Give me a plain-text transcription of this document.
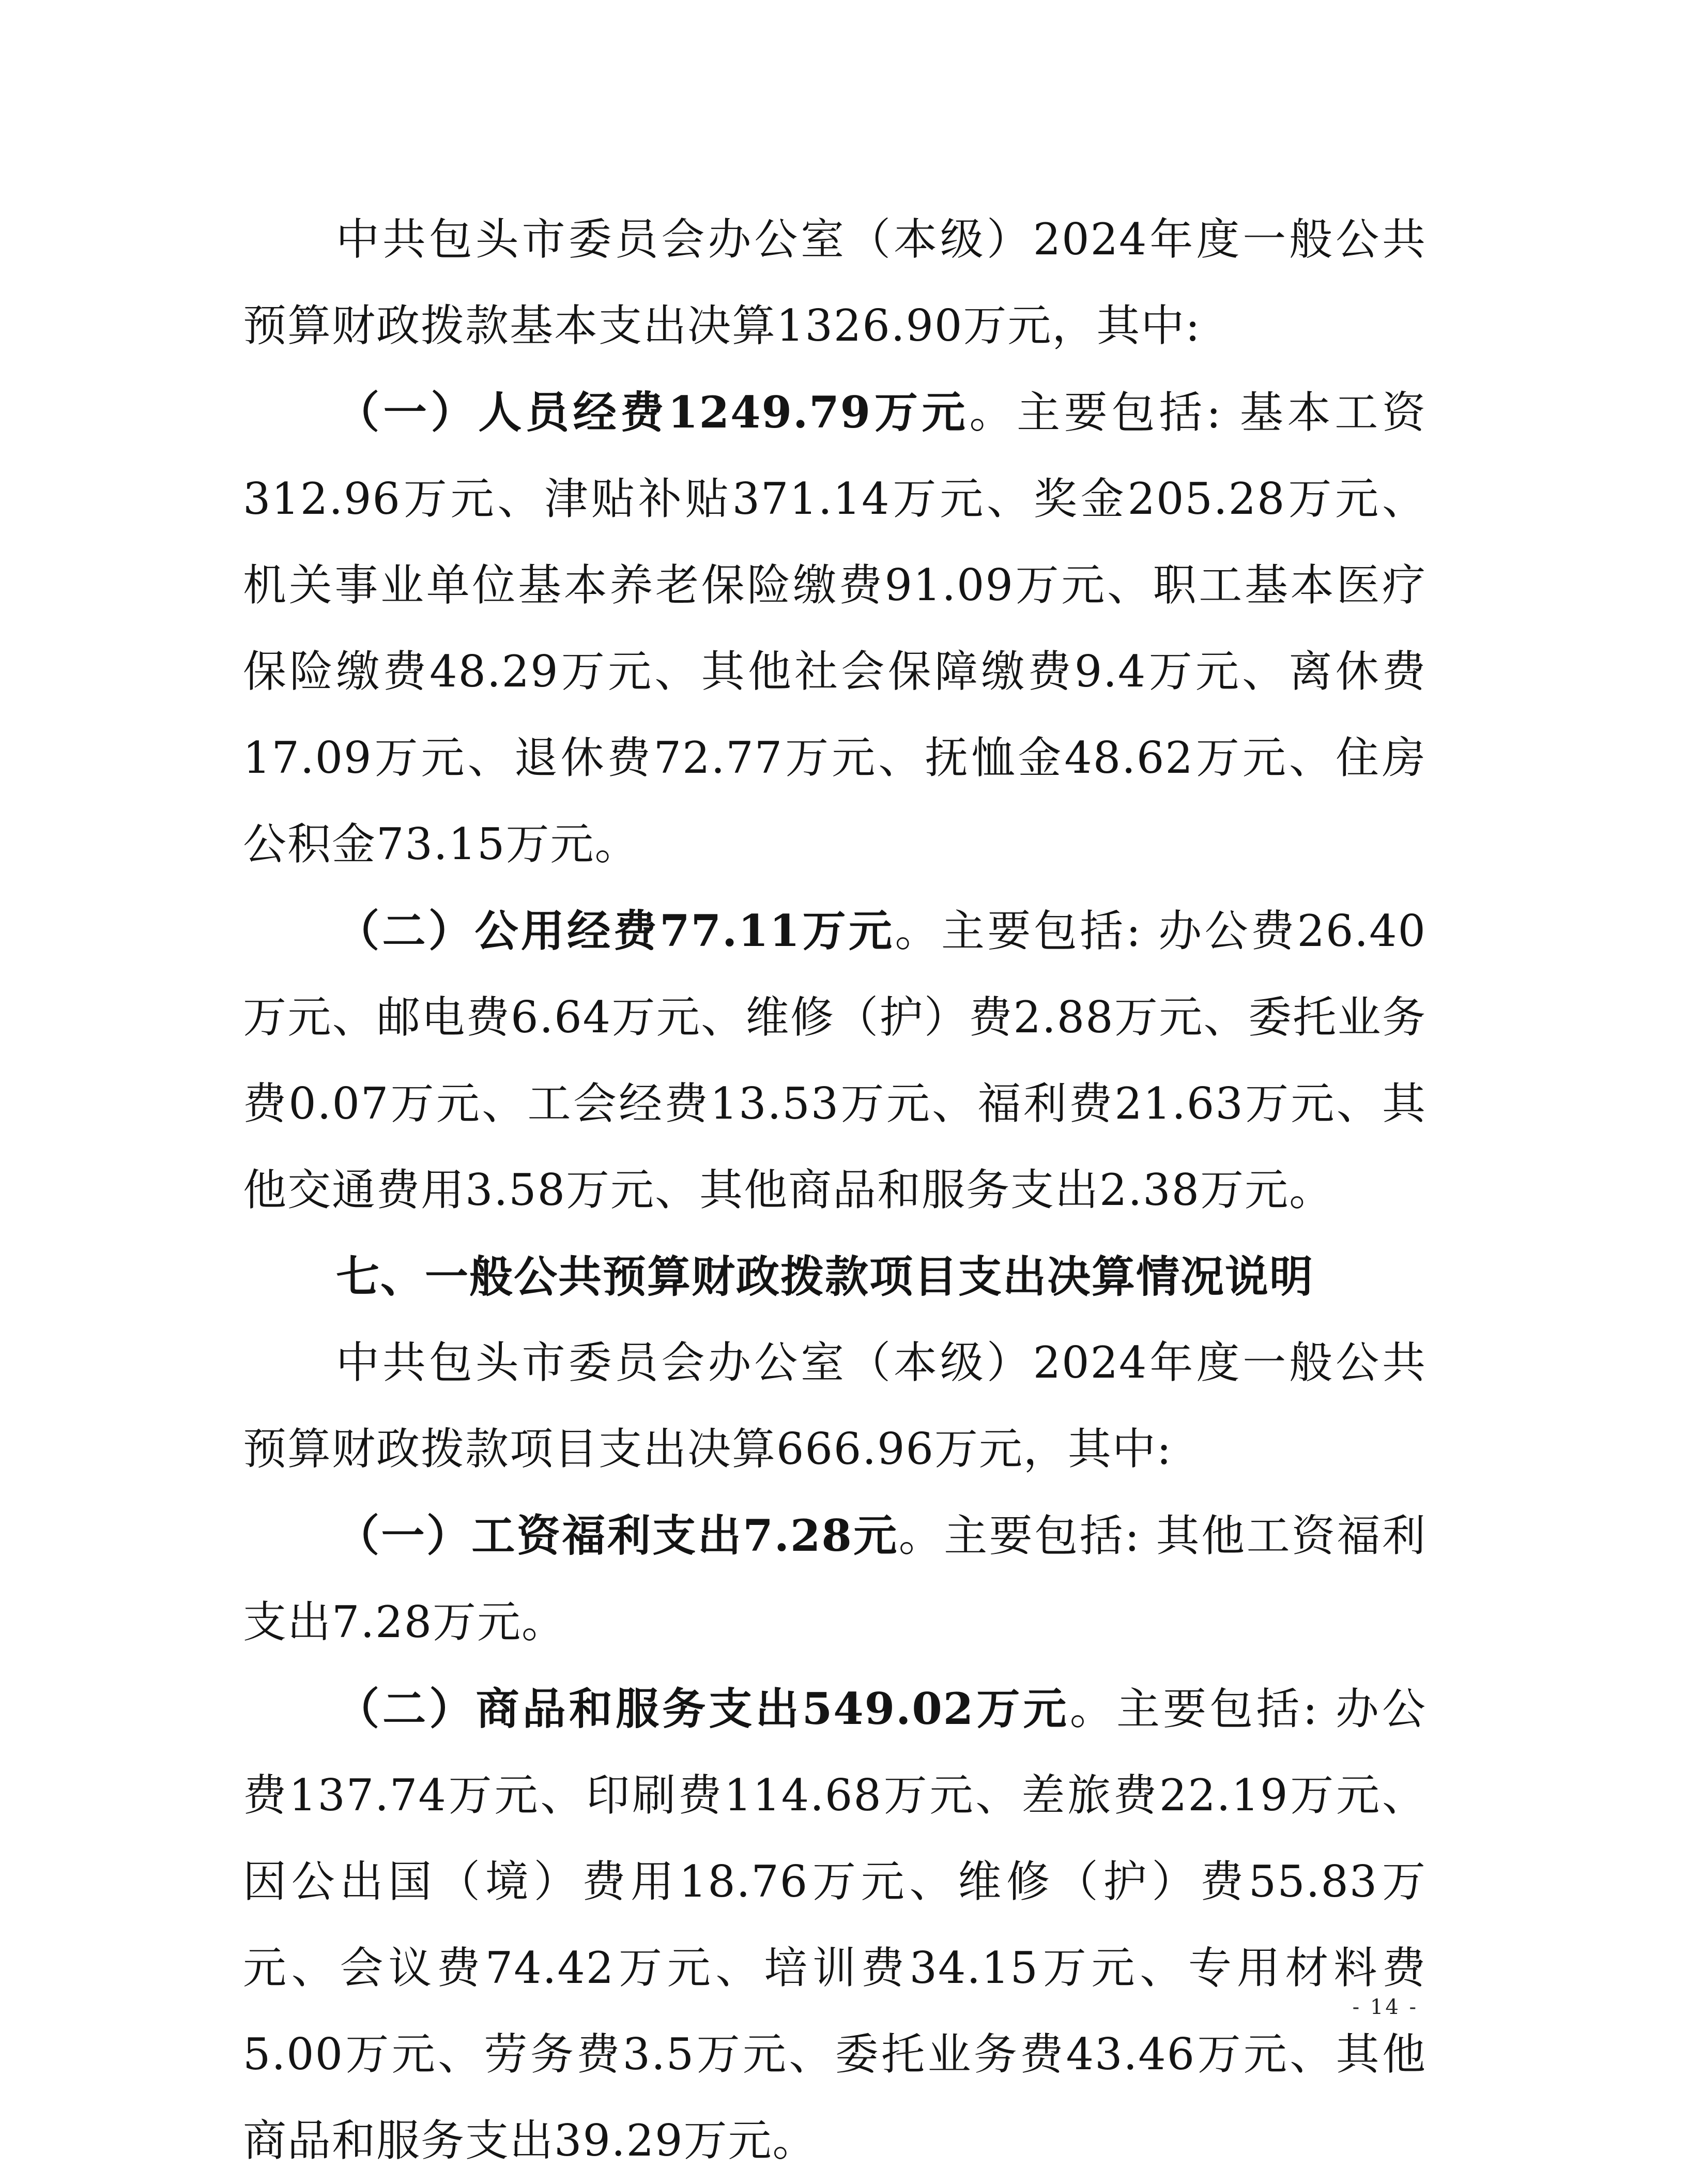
中共包头市委员会办公室（本级）2024年度一般公共预算财政拨款基本支出决算1326.90万元，其中:

（一）人员经费1249.79万元。主要包括: 基本工资312.96万元、津贴补贴371.14万元、奖金205.28万元、机关事业单位基本养老保险缴费91.09万元、职工基本医疗保险缴费48.29万元、其他社会保障缴费9.4万元、离休费17.09万元、退休费72.77万元、抚恤金48.62万元、住房公积金73.15万元。

（二）公用经费77.11万元。主要包括: 办公费26.40万元、邮电费6.64万元、维修（护）费2.88万元、委托业务费0.07万元、工会经费13.53万元、福利费21.63万元、其他交通费用3.58万元、其他商品和服务支出2.38万元。

七、一般公共预算财政拨款项目支出决算情况说明

中共包头市委员会办公室（本级）2024年度一般公共预算财政拨款项目支出决算666.96万元，其中:

（一）工资福利支出7.28元。主要包括: 其他工资福利支出7.28万元。

（二）商品和服务支出549.02万元。主要包括: 办公费137.74万元、印刷费114.68万元、差旅费22.19万元、因公出国（境）费用18.76万元、维修（护）费55.83万元、会议费74.42万元、培训费34.15万元、专用材料费5.00万元、劳务费3.5万元、委托业务费43.46万元、其他商品和服务支出39.29万元。

- 14 -
